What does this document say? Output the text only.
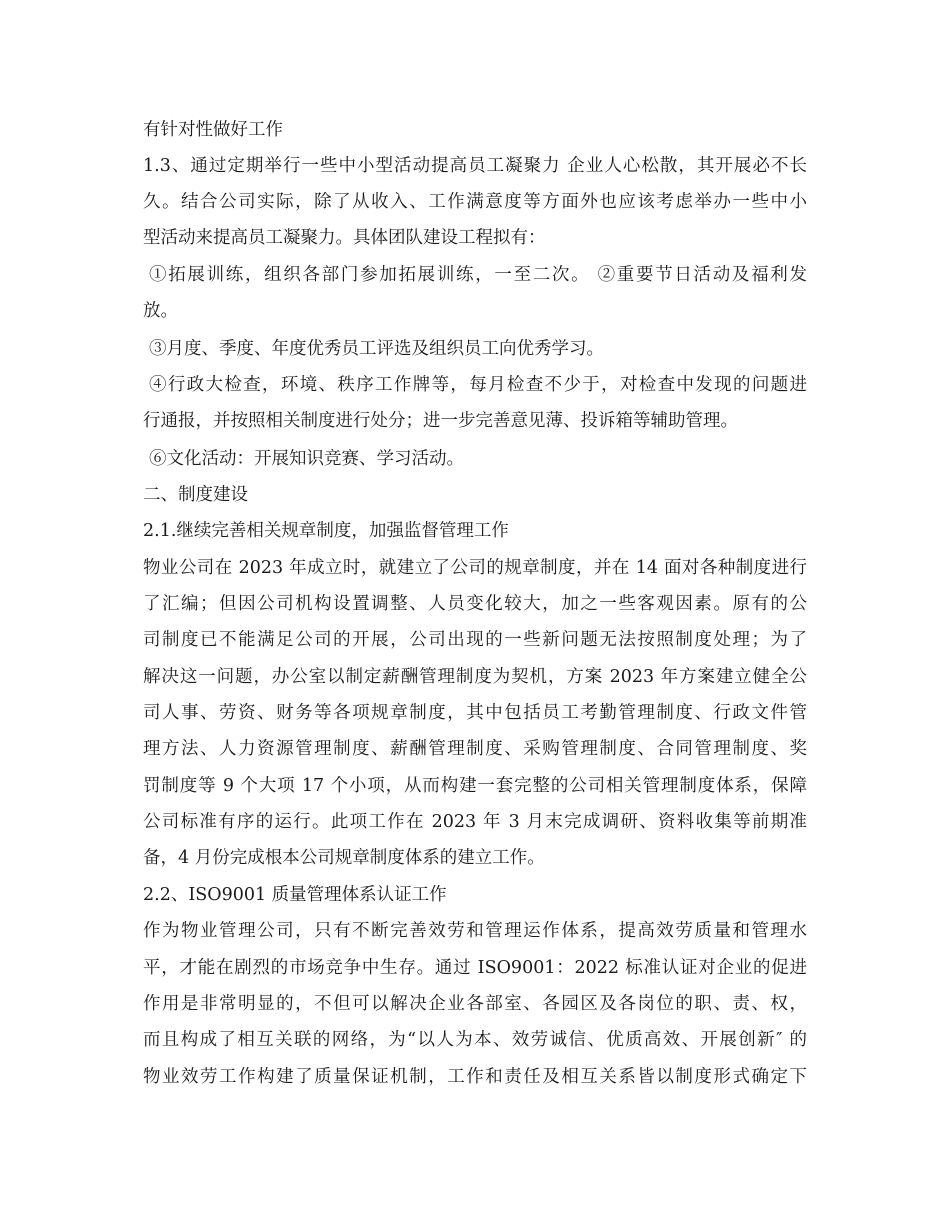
有针对性做好工作
1.3、通过定期举行一些中小型活动提高员工凝聚力 企业人心松散，其开展必不长
久。结合公司实际，除了从收入、工作满意度等方面外也应该考虑举办一些中小
型活动来提高员工凝聚力。具体团队建设工程拟有：
①拓展训练，组织各部门参加拓展训练，一至二次。 ②重要节日活动及福利发
放。
③月度、季度、年度优秀员工评选及组织员工向优秀学习。
④行政大检查，环境、秩序工作牌等，每月检查不少于，对检查中发现的问题进
行通报，并按照相关制度进行处分；进一步完善意见薄、投诉箱等辅助管理。
⑥文化活动：开展知识竞赛、学习活动。
二、制度建设
2.1.继续完善相关规章制度，加强监督管理工作
物业公司在 2023 年成立时，就建立了公司的规章制度，并在 14 面对各种制度进行
了汇编；但因公司机构设置调整、人员变化较大，加之一些客观因素。原有的公
司制度已不能满足公司的开展，公司出现的一些新问题无法按照制度处理；为了
解决这一问题，办公室以制定薪酬管理制度为契机，方案 2023 年方案建立健全公
司人事、劳资、财务等各项规章制度，其中包括员工考勤管理制度、行政文件管
理方法、人力资源管理制度、薪酬管理制度、采购管理制度、合同管理制度、奖
罚制度等 9 个大项 17 个小项，从而构建一套完整的公司相关管理制度体系，保障
公司标准有序的运行。此项工作在 2023 年 3 月末完成调研、资料收集等前期准
备，4 月份完成根本公司规章制度体系的建立工作。
2.2、ISO9001 质量管理体系认证工作
作为物业管理公司，只有不断完善效劳和管理运作体系，提高效劳质量和管理水
平，才能在剧烈的市场竞争中生存。通过 ISO9001：2022 标准认证对企业的促进
作用是非常明显的，不但可以解决企业各部室、各园区及各岗位的职、责、权，
而且构成了相互关联的网络，为“以人为本、效劳诚信、优质高效、开展创新″ 的
物业效劳工作构建了质量保证机制，工作和责任及相互关系皆以制度形式确定下
